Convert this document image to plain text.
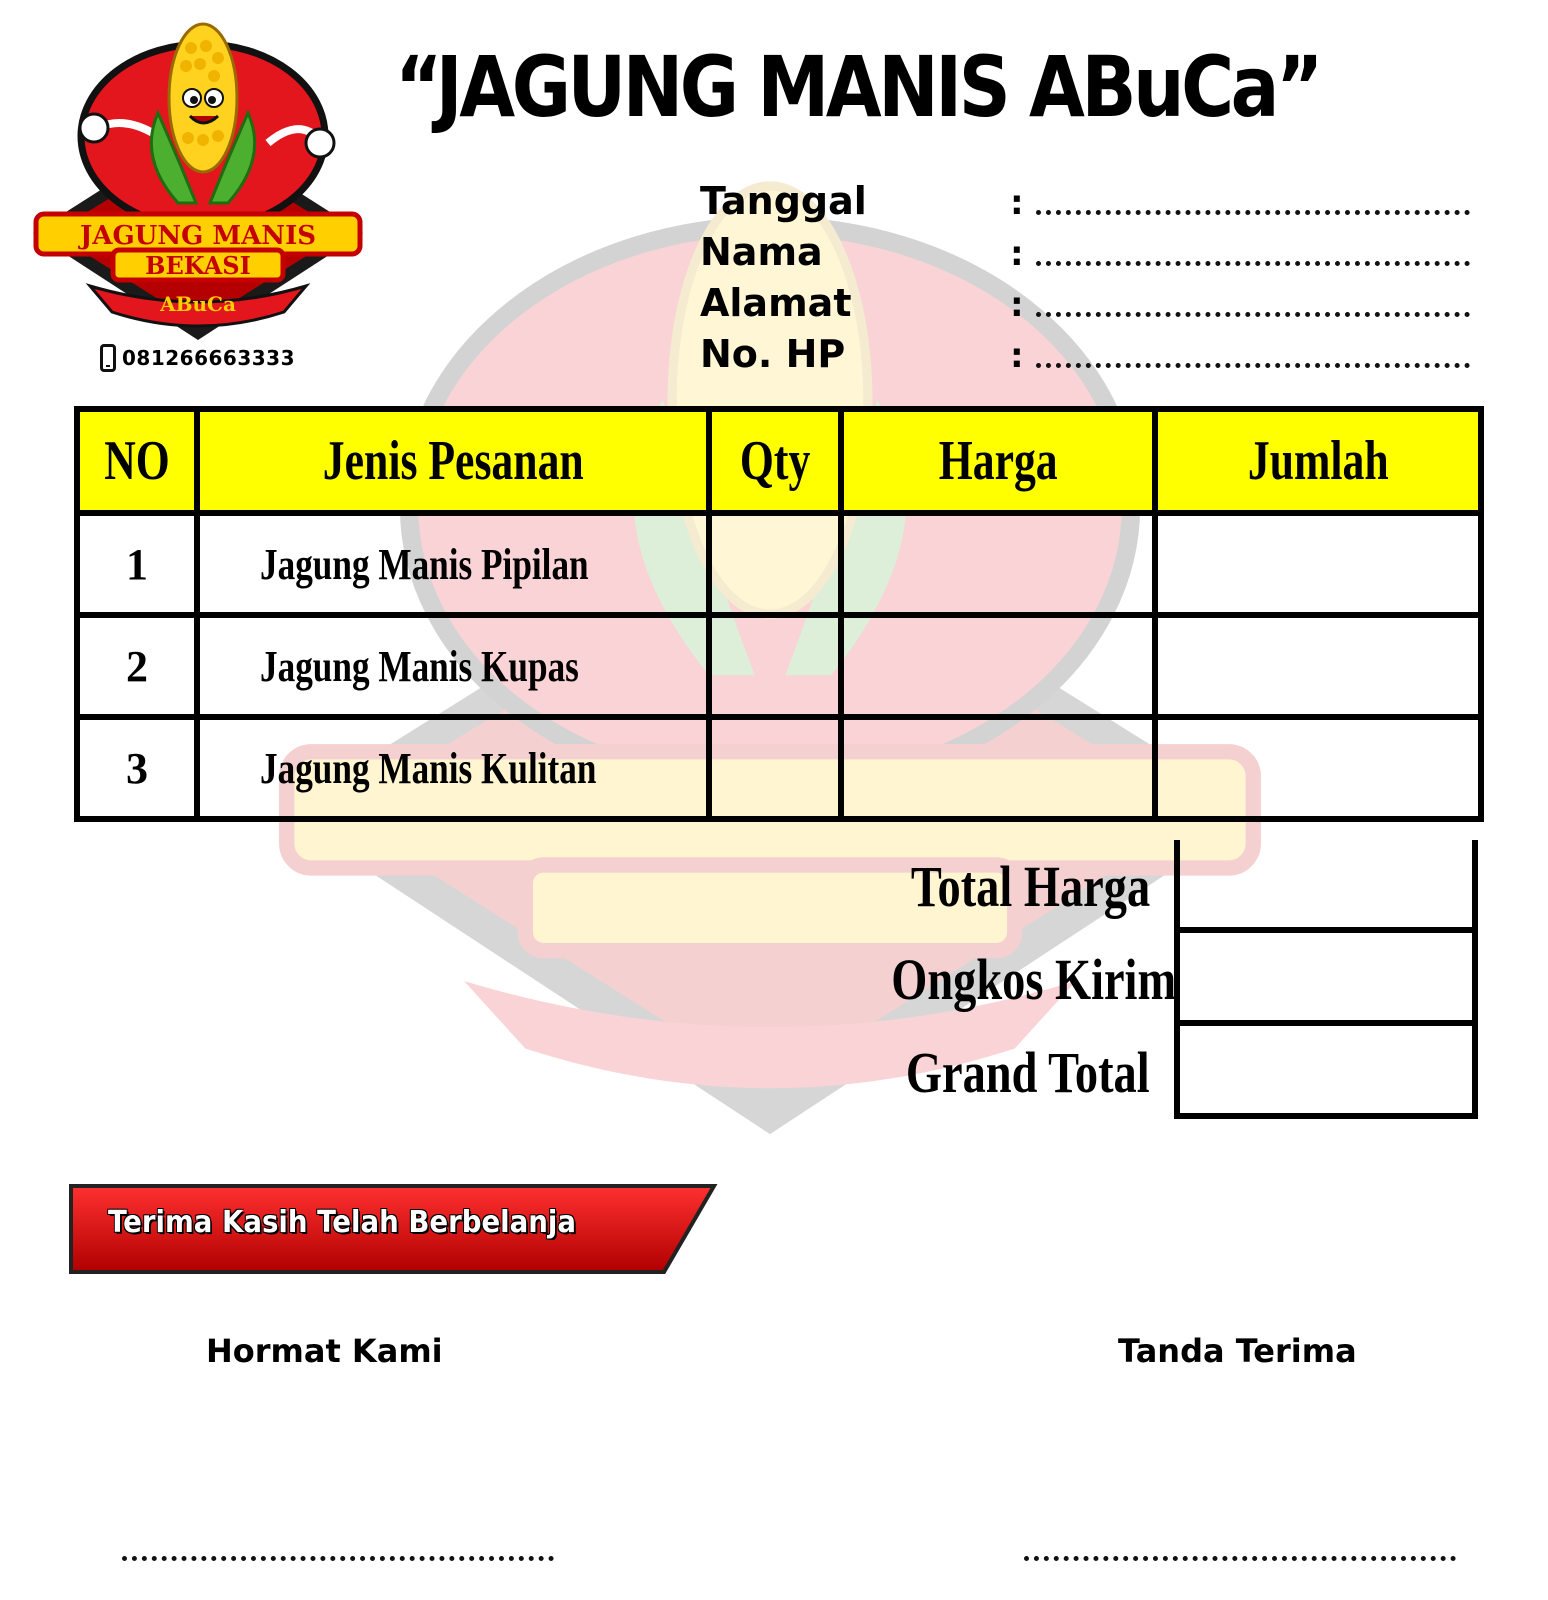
JAGUNG MANIS
BEKASI
ABuCa
081266663333
“JAGUNG MANIS ABuCa”
Tanggal	:
Nama	:
Alamat	:
No. HP	:
NO	Jenis Pesanan	Qty	Harga	Jumlah
1	Jagung Manis Pipilan			
2	Jagung Manis Kupas			
3	Jagung Manis Kulitan			
Total Harga
Ongkos Kirim
Grand Total
Terima Kasih Telah Berbelanja
Hormat Kami	Tanda Terima
